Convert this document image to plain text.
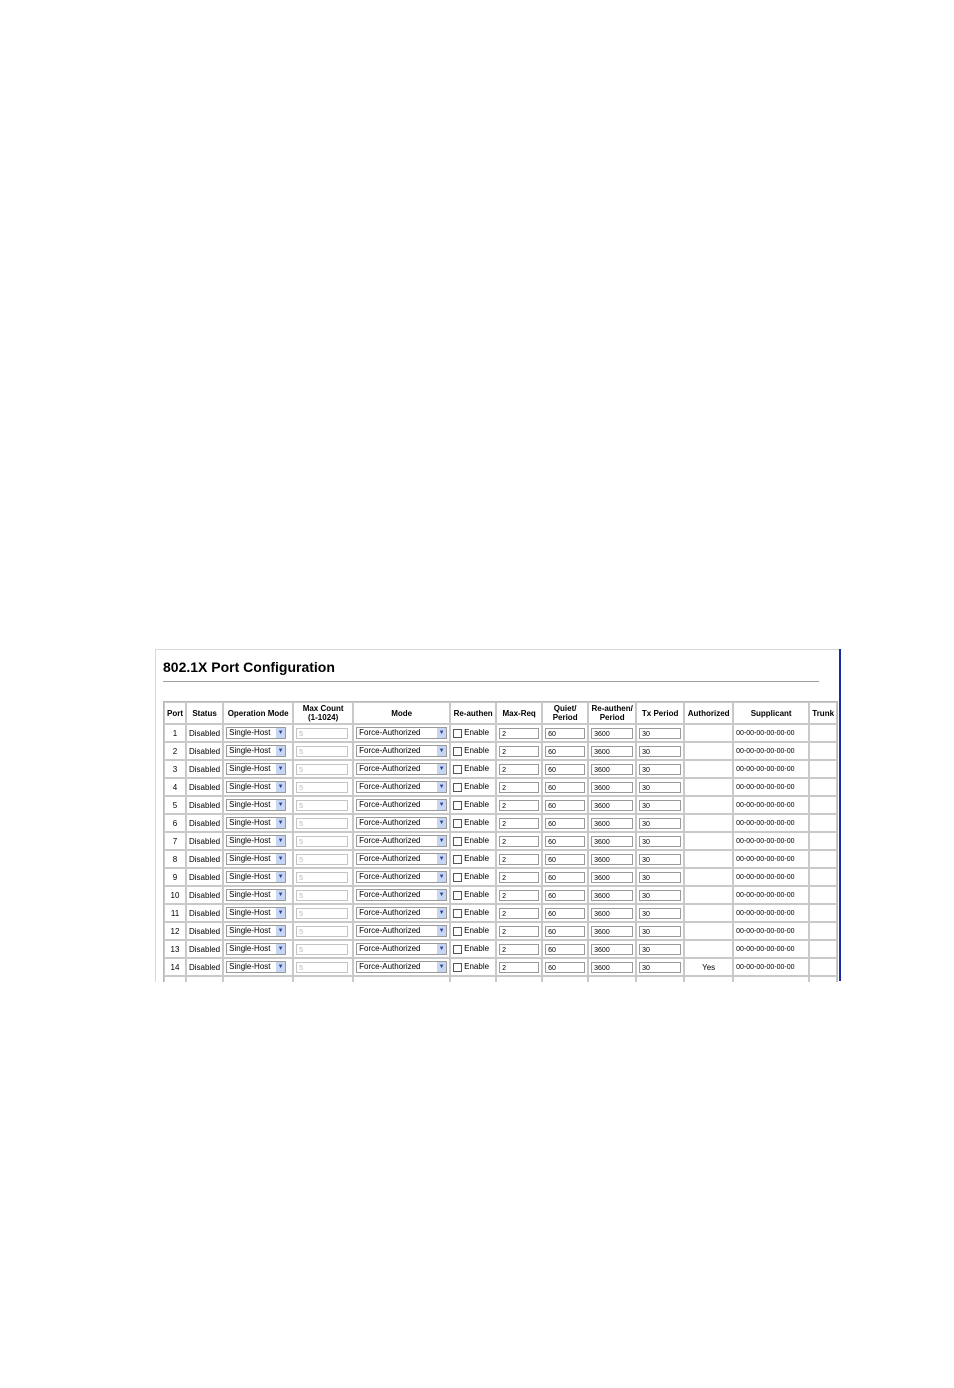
802.1X Port Configuration
Port	Status	Operation Mode	Max Count
(1-1024)	Mode	Re-authen	Max-Req	Quiet/
Period	Re-authen/
Period	Tx Period	Authorized	Supplicant	Trunk
1	Disabled	Single-Host ▼	5	Force-Authorized ▼	Enable	2	60	3600	30		00-00-00-00-00-00	
2	Disabled	Single-Host ▼	5	Force-Authorized ▼	Enable	2	60	3600	30		00-00-00-00-00-00	
3	Disabled	Single-Host ▼	5	Force-Authorized ▼	Enable	2	60	3600	30		00-00-00-00-00-00	
4	Disabled	Single-Host ▼	5	Force-Authorized ▼	Enable	2	60	3600	30		00-00-00-00-00-00	
5	Disabled	Single-Host ▼	5	Force-Authorized ▼	Enable	2	60	3600	30		00-00-00-00-00-00	
6	Disabled	Single-Host ▼	5	Force-Authorized ▼	Enable	2	60	3600	30		00-00-00-00-00-00	
7	Disabled	Single-Host ▼	5	Force-Authorized ▼	Enable	2	60	3600	30		00-00-00-00-00-00	
8	Disabled	Single-Host ▼	5	Force-Authorized ▼	Enable	2	60	3600	30		00-00-00-00-00-00	
9	Disabled	Single-Host ▼	5	Force-Authorized ▼	Enable	2	60	3600	30		00-00-00-00-00-00	
10	Disabled	Single-Host ▼	5	Force-Authorized ▼	Enable	2	60	3600	30		00-00-00-00-00-00	
11	Disabled	Single-Host ▼	5	Force-Authorized ▼	Enable	2	60	3600	30		00-00-00-00-00-00	
12	Disabled	Single-Host ▼	5	Force-Authorized ▼	Enable	2	60	3600	30		00-00-00-00-00-00	
13	Disabled	Single-Host ▼	5	Force-Authorized ▼	Enable	2	60	3600	30		00-00-00-00-00-00	
14	Disabled	Single-Host ▼	5	Force-Authorized ▼	Enable	2	60	3600	30	Yes	00-00-00-00-00-00	
